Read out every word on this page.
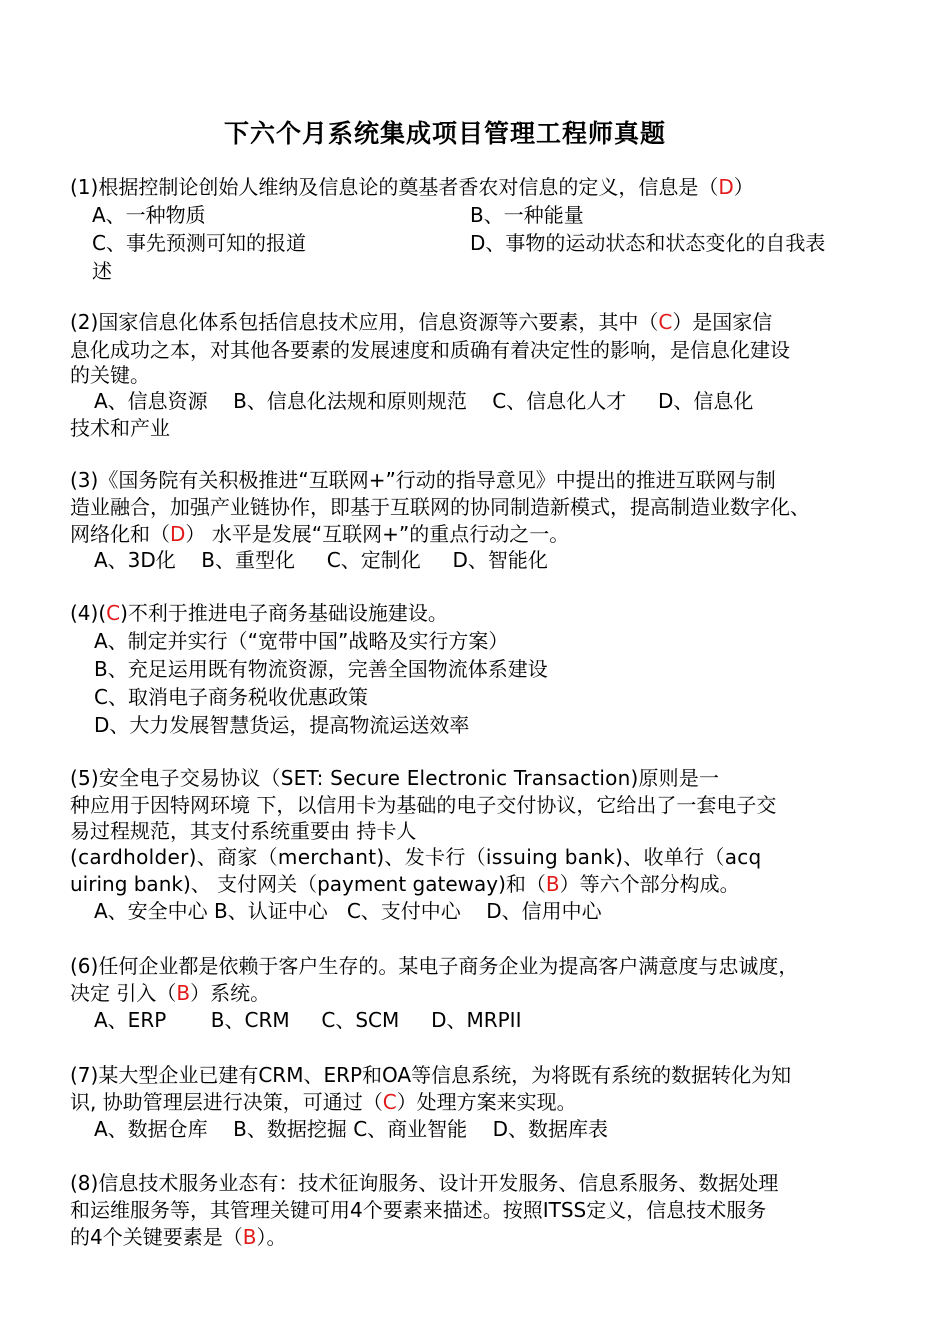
下六个月系统集成项目管理工程师真题
(1)根据控制论创始人维纳及信息论的奠基者香农对信息的定义，信息是（D）
A、一种物质	B、一种能量
C、事先预测可知的报道	D、事物的运动状态和状态变化的自我表
述
(2)国家信息化体系包括信息技术应用，信息资源等六要素，其中（C）是国家信
息化成功之本，对其他各要素的发展速度和质确有着决定性的影响，是信息化建设
的关键。
A、信息资源    B、信息化法规和原则规范    C、信息化人才     D、信息化
技术和产业
(3)《国务院有关积极推进“互联网+”行动的指导意见》中提出的推进互联网与制
造业融合，加强产业链协作，即基于互联网的协同制造新模式，提高制造业数字化、
网络化和（D） 水平是发展“互联网+”的重点行动之一。
A、3D化    B、重型化     C、定制化     D、智能化
(4)(C)不利于推进电子商务基础设施建设。
A、制定并实行（“宽带中国”战略及实行方案）
B、充足运用既有物流资源，完善全国物流体系建设
C、取消电子商务税收优惠政策
D、大力发展智慧货运，提高物流运送效率
(5)安全电子交易协议（SET: Secure Electronic Transaction)原则是一
种应用于因特网环境 下，以信用卡为基础的电子交付协议，它给出了一套电子交
易过程规范，其支付系统重要由 持卡人
(cardholder)、商家（merchant)、发卡行（issuing bank)、收单行（acq
uiring bank)、 支付网关（payment gateway)和（B）等六个部分构成。
A、安全中心 B、认证中心   C、支付中心    D、信用中心
(6)任何企业都是依赖于客户生存的。某电子商务企业为提高客户满意度与忠诚度，
决定 引入（B）系统。
A、ERP       B、CRM     C、SCM     D、MRPII
(7)某大型企业已建有CRM、ERP和OA等信息系统，为将既有系统的数据转化为知
识, 协助管理层进行决策，可通过（C）处理方案来实现。
A、数据仓库    B、数据挖掘 C、商业智能    D、数据库表
(8)信息技术服务业态有：技术征询服务、设计开发服务、信息系服务、数据处理
和运维服务等，其管理关键可用4个要素来描述。按照ITSS定义，信息技术服务
的4个关键要素是（B）。
